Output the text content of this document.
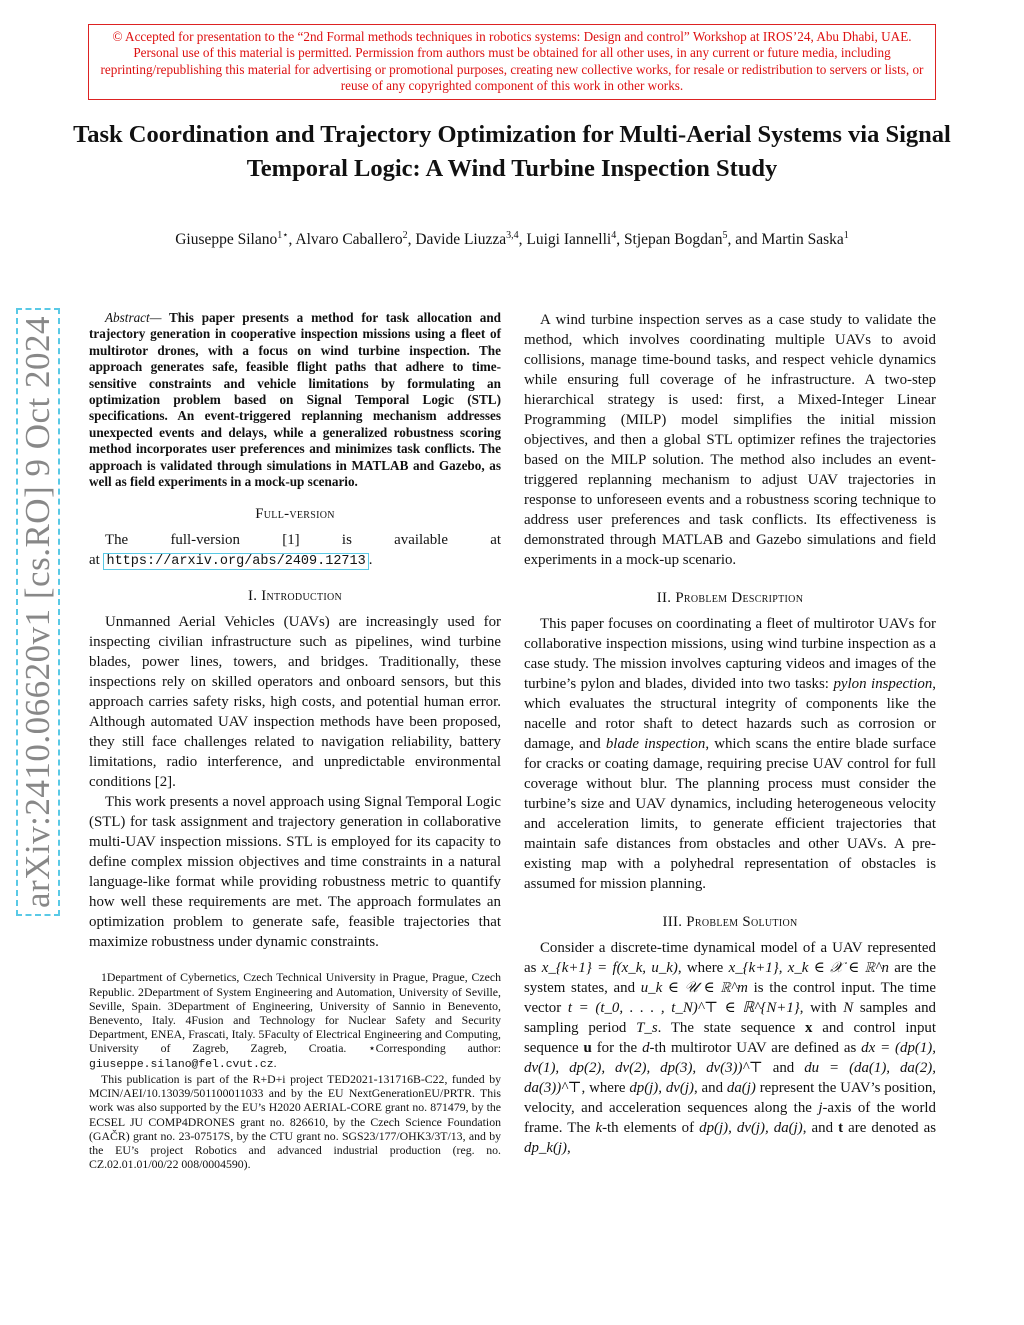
© Accepted for presentation to the “2nd Formal methods techniques in robotics systems: Design and control” Workshop at IROS’24, Abu Dhabi, UAE. Personal use of this material is permitted. Permission from authors must be obtained for all other uses, in any current or future media, including reprinting/republishing this material for advertising or promotional purposes, creating new collective works, for resale or redistribution to servers or lists, or reuse of any copyrighted component of this work in other works.
Task Coordination and Trajectory Optimization for Multi-Aerial Systems via Signal Temporal Logic: A Wind Turbine Inspection Study
Giuseppe Silano$^{1⋆}$, Alvaro Caballero$^2$, Davide Liuzza$^{3,4}$, Luigi Iannelli$^4$, Stjepan Bogdan$^5$, and Martin Saska$^1$
arXiv:2410.06620v1 [cs.RO] 9 Oct 2024	Abstract— This paper presents a method for task allocation and trajectory generation in cooperative inspection missions using a fleet of multirotor drones, with a focus on wind turbine inspection. The approach generates safe, feasible flight paths that adhere to time-sensitive constraints and vehicle limitations by formulating an optimization problem based on Signal Temporal Logic (STL) specifications. An event-triggered replanning mechanism addresses unexpected events and delays, while a generalized robustness scoring method incorporates user preferences and minimizes task conflicts. The approach is validated through simulations in MATLAB and Gazebo, as well as field experiments in a mock-up scenario.

Full-version

The full-version [1] is available at

at https://arxiv.org/abs/2409.12713 .

I. Introduction

Unmanned Aerial Vehicles (UAVs) are increasingly used for inspecting civilian infrastructure such as pipelines, wind turbine blades, power lines, towers, and bridges. Traditionally, these inspections rely on skilled operators and onboard sensors, but this approach carries safety risks, high costs, and potential human error. Although automated UAV inspection methods have been proposed, they still face challenges related to navigation reliability, battery limitations, radio interference, and unpredictable environmental conditions [2].

This work presents a novel approach using Signal Temporal Logic (STL) for task assignment and trajectory generation in collaborative multi-UAV inspection missions. STL is employed for its capacity to define complex mission objectives and time constraints in a natural language-like format while providing robustness metric to quantify how well these requirements are met. The approach formulates an optimization problem to generate safe, feasible trajectories that maximize robustness under dynamic constraints.

1Department of Cybernetics, Czech Technical University in Prague, Prague, Czech Republic. 2Department of System Engineering and Automation, University of Seville, Seville, Spain. 3Department of Engineering, University of Sannio in Benevento, Benevento, Italy. 4Fusion and Technology for Nuclear Safety and Security Department, ENEA, Frascati, Italy. 5Faculty of Electrical Engineering and Computing, University of Zagreb, Zagreb, Croatia. ⋆Corresponding author: giuseppe.silano@fel.cvut.cz.

This publication is part of the R+D+i project TED2021-131716B-C22, funded by MCIN/AEI/10.13039/501100011033 and by the EU NextGenerationEU/PRTR. This work was also supported by the EU’s H2020 AERIAL-CORE grant no. 871479, by the ECSEL JU COMP4DRONES grant no. 826610, by the Czech Science Foundation (GAČR) grant no. 23-07517S, by the CTU grant no. SGS23/177/OHK3/3T/13, and by the EU’s project Robotics and advanced industrial production (reg. no. CZ.02.01.01/00/22 008/0004590).

A wind turbine inspection serves as a case study to validate the method, which involves coordinating multiple UAVs to avoid collisions, manage time-bound tasks, and respect vehicle dynamics while ensuring full coverage of he infrastructure. A two-step hierarchical strategy is used: first, a Mixed-Integer Linear Programming (MILP) model simplifies the initial mission objectives, and then a global STL optimizer refines the trajectories based on the MILP solution. The method also includes an event-triggered replanning mechanism to adjust UAV trajectories in response to unforeseen events and a robustness scoring technique to address user preferences and task conflicts. Its effectiveness is demonstrated through MATLAB and Gazebo simulations and field experiments in a mock-up scenario.

II. Problem Description

This paper focuses on coordinating a fleet of multirotor UAVs for collaborative inspection missions, using wind turbine inspection as a case study. The mission involves capturing videos and images of the turbine’s pylon and blades, divided into two tasks: pylon inspection, which evaluates the structural integrity of components like the nacelle and rotor shaft to detect hazards such as corrosion or damage, and blade inspection, which scans the entire blade surface for cracks or coating damage, requiring precise UAV control for full coverage without blur. The planning process must consider the turbine’s size and UAV dynamics, including heterogeneous velocity and acceleration limits, to generate efficient trajectories that maintain safe distances from obstacles and other UAVs. A pre-existing map with a polyhedral representation of obstacles is assumed for mission planning.

III. Problem Solution

Consider a discrete-time dynamical model of a UAV represented as x_{k+1} = f(x_k, u_k), where x_{k+1}, x_k ∈ 𝒳 ∈ ℝ^n are the system states, and u_k ∈ 𝒰 ∈ ℝ^m is the control input. The time vector t = (t_0, . . . , t_N)^⊤ ∈ ℝ^{N+1}, with N samples and sampling period T_s. The state sequence x and control input sequence u for the d-th multirotor UAV are defined as dx = (dp(1), dv(1), dp(2), dv(2), dp(3), dv(3))^⊤ and du = (da(1), da(2), da(3))^⊤, where dp(j), dv(j), and da(j) represent the UAV’s position, velocity, and acceleration sequences along the j-axis of the world frame. The k-th elements of dp(j), dv(j), da(j), and t are denoted as dp_k(j),
